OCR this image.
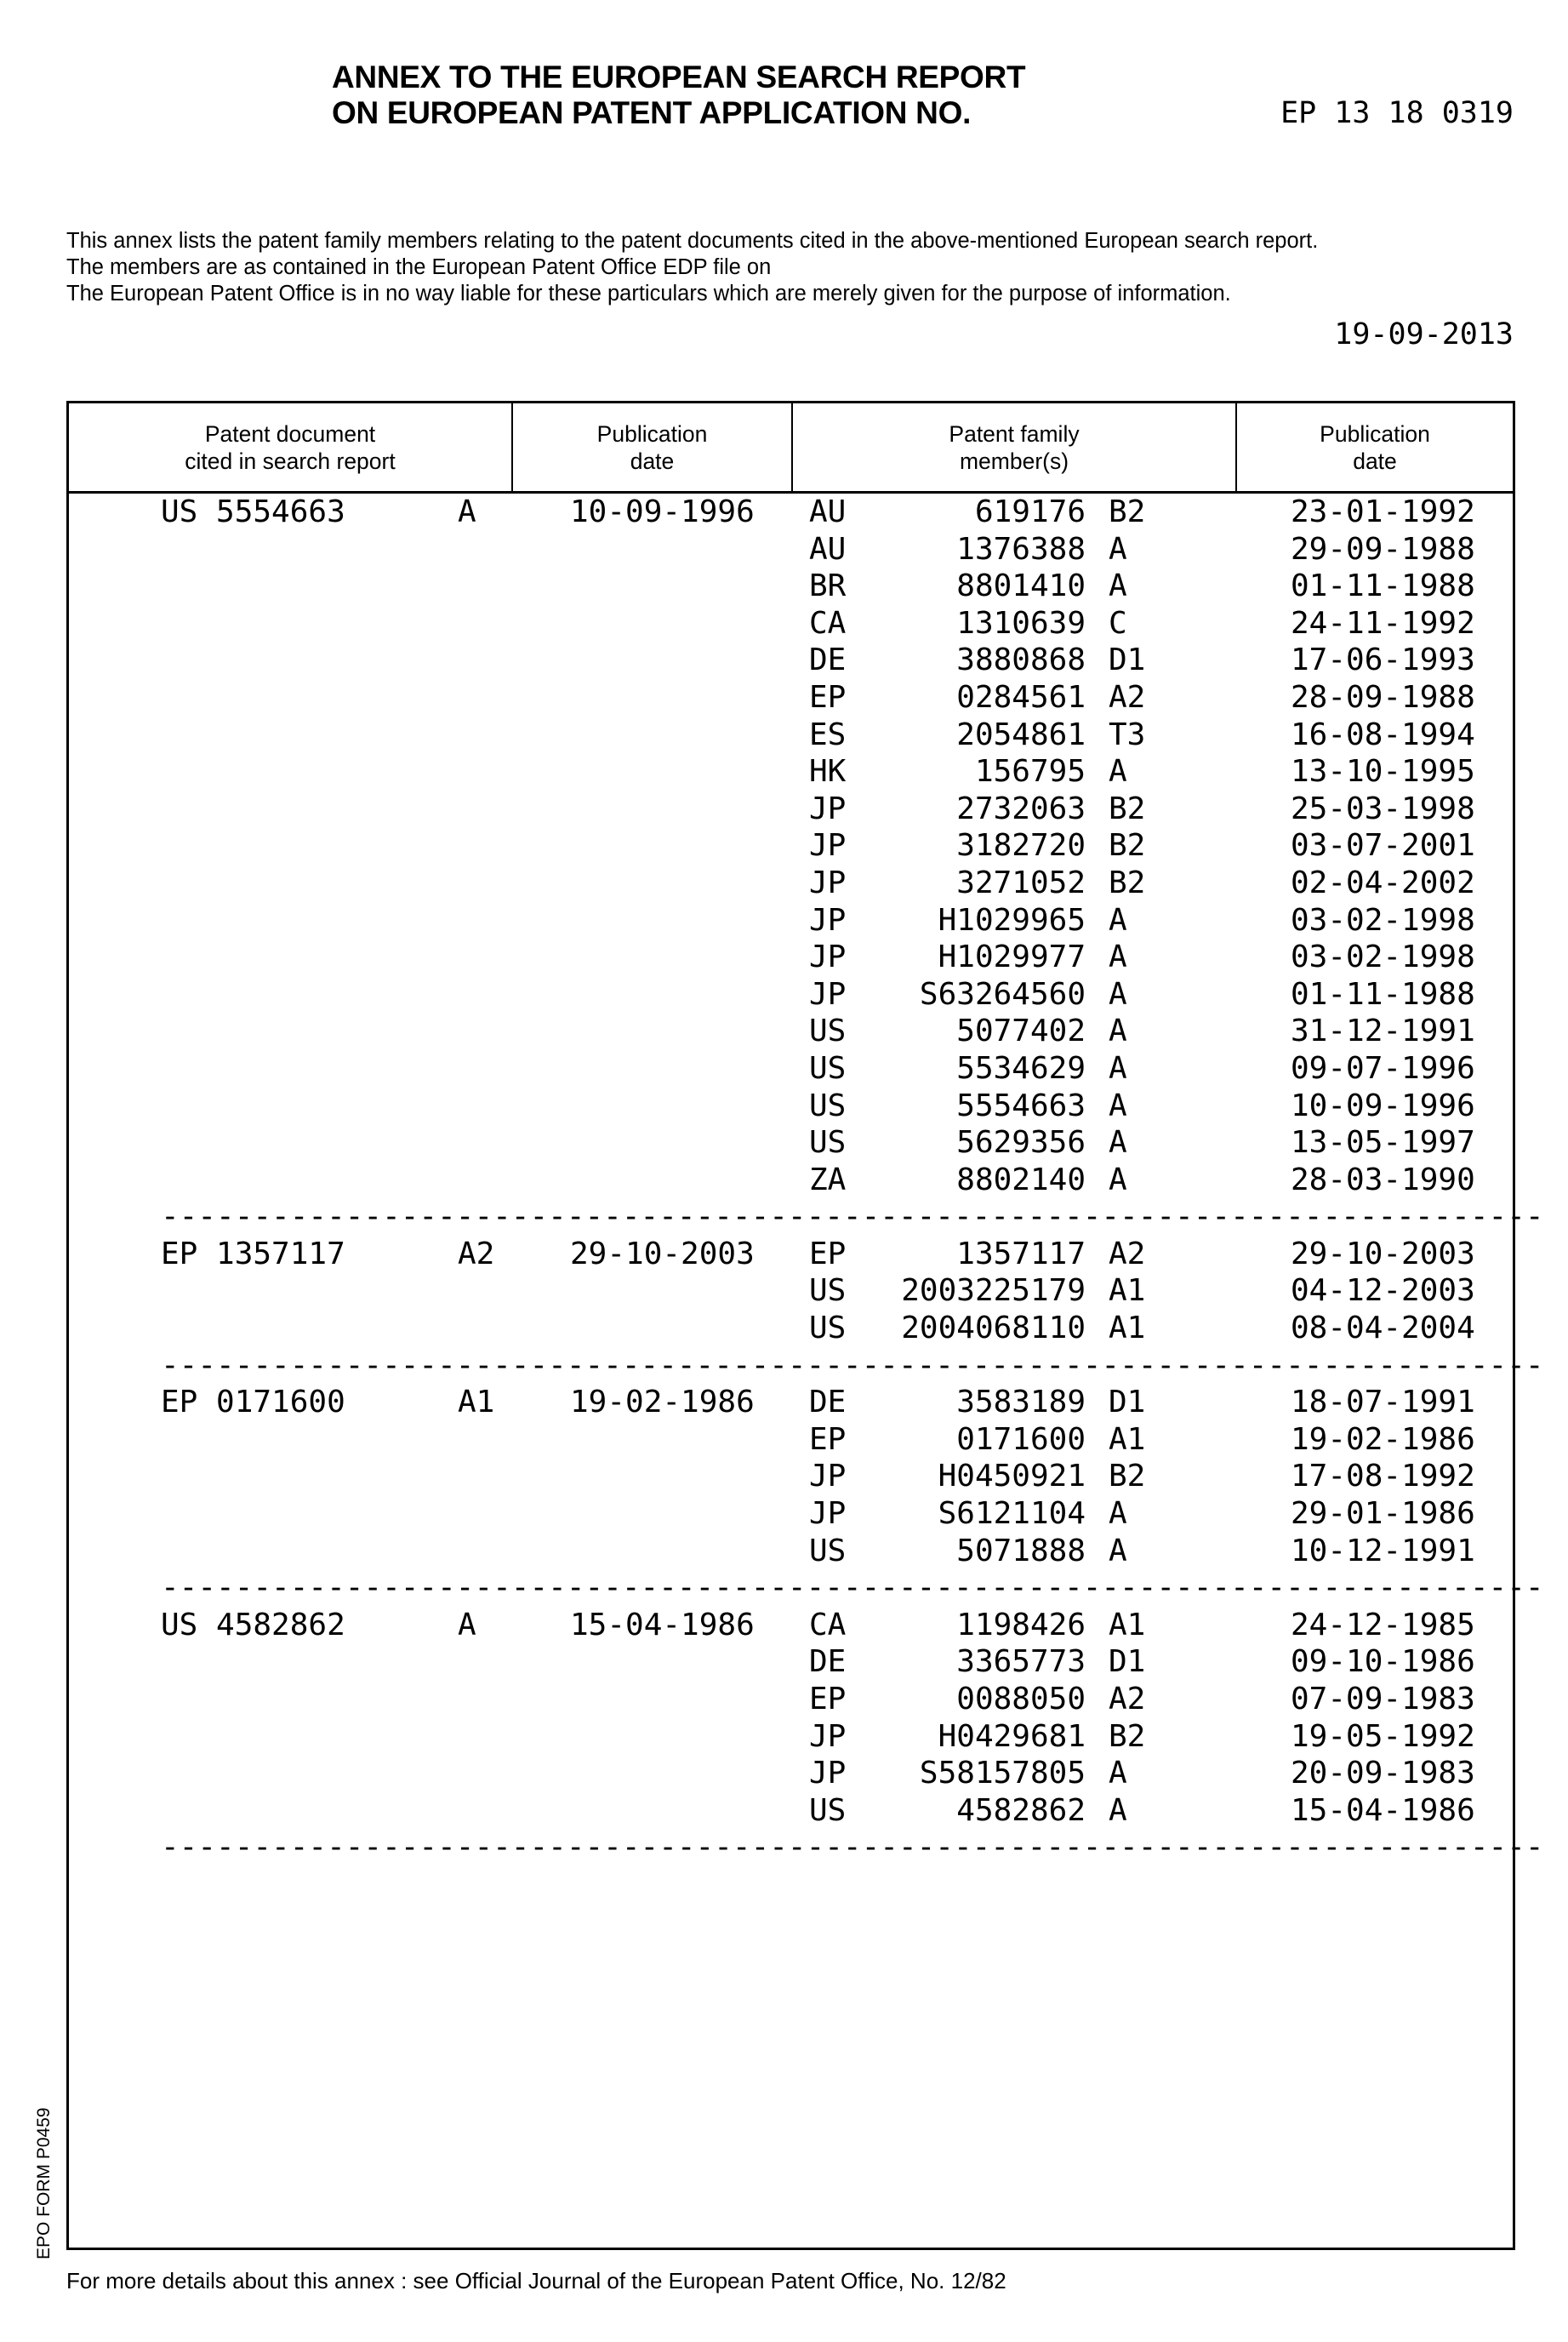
ANNEX TO THE EUROPEAN SEARCH REPORT
ON EUROPEAN PATENT APPLICATION NO.	EP 13 18 0319
This annex lists the patent family members relating to the patent documents cited in the above-mentioned European search report.
The members are as contained in the European Patent Office EDP file on
The European Patent Office is in no way liable for these particulars which are merely given for the purpose of information.
19-09-2013
Patent document
cited in search report
Publication
date
Patent family
member(s)
Publication
date
US 5554663	A	10-09-1996 AU	619176 B2	23-01-1992
AU	1376388 A	29-09-1988
BR	8801410 A	01-11-1988
CA	1310639 C	24-11-1992
DE	3880868 D1	17-06-1993
EP	0284561 A2	28-09-1988
ES	2054861 T3	16-08-1994
HK	156795 A	13-10-1995
JP	2732063 B2	25-03-1998
JP	3182720 B2	03-07-2001
JP	3271052 B2	02-04-2002
JP	H1029965 A	03-02-1998
JP	H1029977 A	03-02-1998
JP S63264560 A	01-11-1988
US	5077402 A	31-12-1991
US	5534629 A	09-07-1996
US	5554663 A	10-09-1996
US	5629356 A	13-05-1997
ZA	8802140 A	28-03-1990
---------------------------------------------------------------------------
EP 1357117	A2 29-10-2003 EP	1357117 A2	29-10-2003
US 2003225179 A1	04-12-2003
US 2004068110 A1	08-04-2004
---------------------------------------------------------------------------
EP 0171600	A1 19-02-1986 DE	3583189 D1	18-07-1991
EP	0171600 A1	19-02-1986
JP	H0450921 B2	17-08-1992
JP	S6121104 A	29-01-1986
US	5071888 A	10-12-1991
---------------------------------------------------------------------------
US 4582862	A	15-04-1986 CA	1198426 A1	24-12-1985
DE	3365773 D1	09-10-1986
EP	0088050 A2	07-09-1983
JP	H0429681 B2	19-05-1992
JP S58157805 A	20-09-1983
US	4582862 A	15-04-1986
---------------------------------------------------------------------------
EPO FORM P0459
For more details about this annex : see Official Journal of the European Patent Office, No. 12/82
